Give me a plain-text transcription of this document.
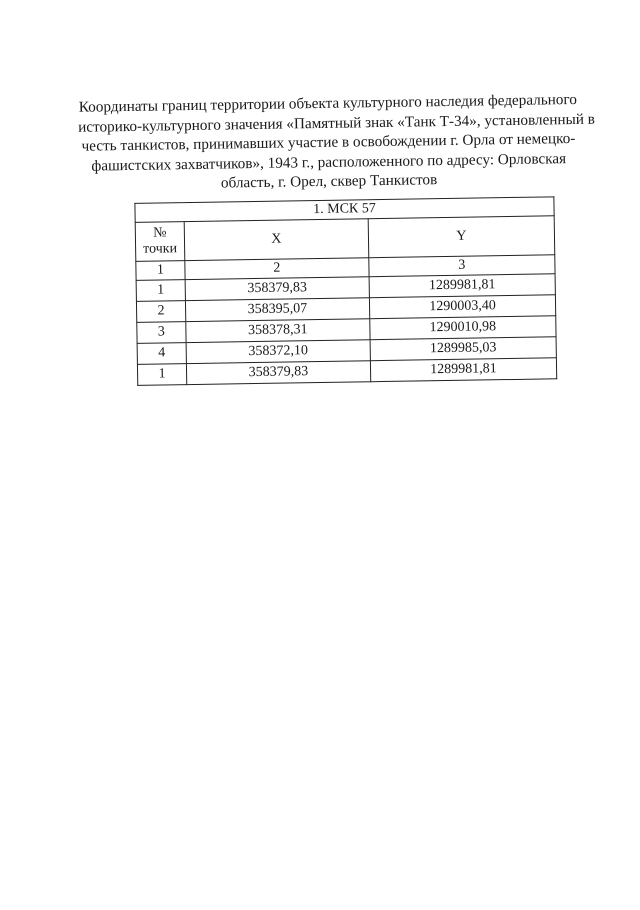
Координаты границ территории объекта культурного наследия федерального
историко-культурного значения «Памятный знак «Танк Т-34», установленный в
честь танкистов, принимавших участие в освобождении г. Орла от немецко-
фашистских захватчиков», 1943 г., расположенного по адресу: Орловская
область, г. Орел, сквер Танкистов
1. МСК 57		
№
точки	X	Y
1	2	3
1	358379,83	1289981,81
2	358395,07	1290003,40
3	358378,31	1290010,98
4	358372,10	1289985,03
1	358379,83	1289981,81
